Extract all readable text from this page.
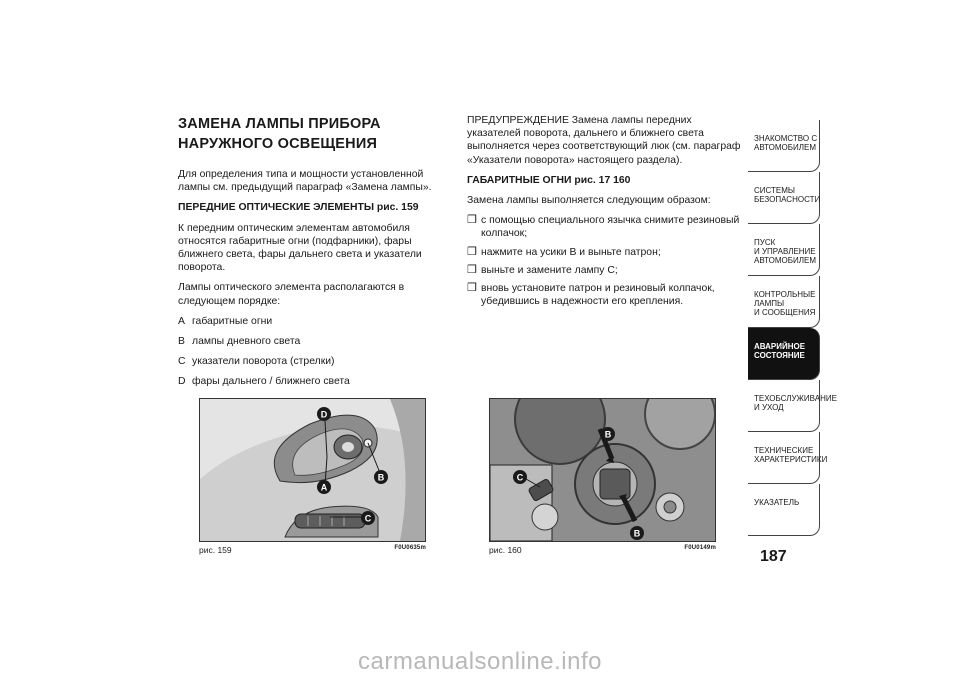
ЗАМЕНА ЛАМПЫ ПРИБОРА НАРУЖНОГО ОСВЕЩЕНИЯ

Для определения типа и мощности установленной лампы см. предыдущий параграф «Замена лампы».

ПЕРЕДНИЕ ОПТИЧЕСКИЕ ЭЛЕМЕНТЫ рис. 159

К передним оптическим элементам автомобиля относятся габаритные огни (подфарники), фары ближнего света, фары дальнего света и указатели поворота.

Лампы оптического элемента располагаются в следующем порядке:

A габаритные огни
B лампы дневного света
C указатели поворота (стрелки)
D фары дальнего / ближнего света

ПРЕДУПРЕЖДЕНИЕ Замена лампы передних указателей поворота, дальнего и ближнего света выполняется через соответствующий люк (см. параграф «Указатели поворота» настоящего раздела).

ГАБАРИТНЫЕ ОГНИ рис. 17 160

Замена лампы выполняется следующим образом:

❒ с помощью специального язычка снимите резиновый колпачок;
❒ нажмите на усики B и выньте патрон;
❒ выньте и замените лампу C;
❒ вновь установите патрон и резиновый колпачок, убедившись в надежности его крепления.
D
B
A
C
рис. 159	F0U0635m
B
C
B
рис. 160	F0U0149m
ЗНАКОМСТВО С
АВТОМОБИЛЕМ
СИСТЕМЫ
БЕЗОПАСНОСТИ
ПУСК
И УПРАВЛЕНИЕ
АВТОМОБИЛЕМ
КОНТРОЛЬНЫЕ
ЛАМПЫ
И СООБЩЕНИЯ
АВАРИЙНОЕ
СОСТОЯНИЕ
ТЕХОБСЛУЖИВАНИЕ
И УХОД
ТЕХНИЧЕСКИЕ
ХАРАКТЕРИСТИКИ
УКАЗАТЕЛЬ
187
carmanualsonline.info
